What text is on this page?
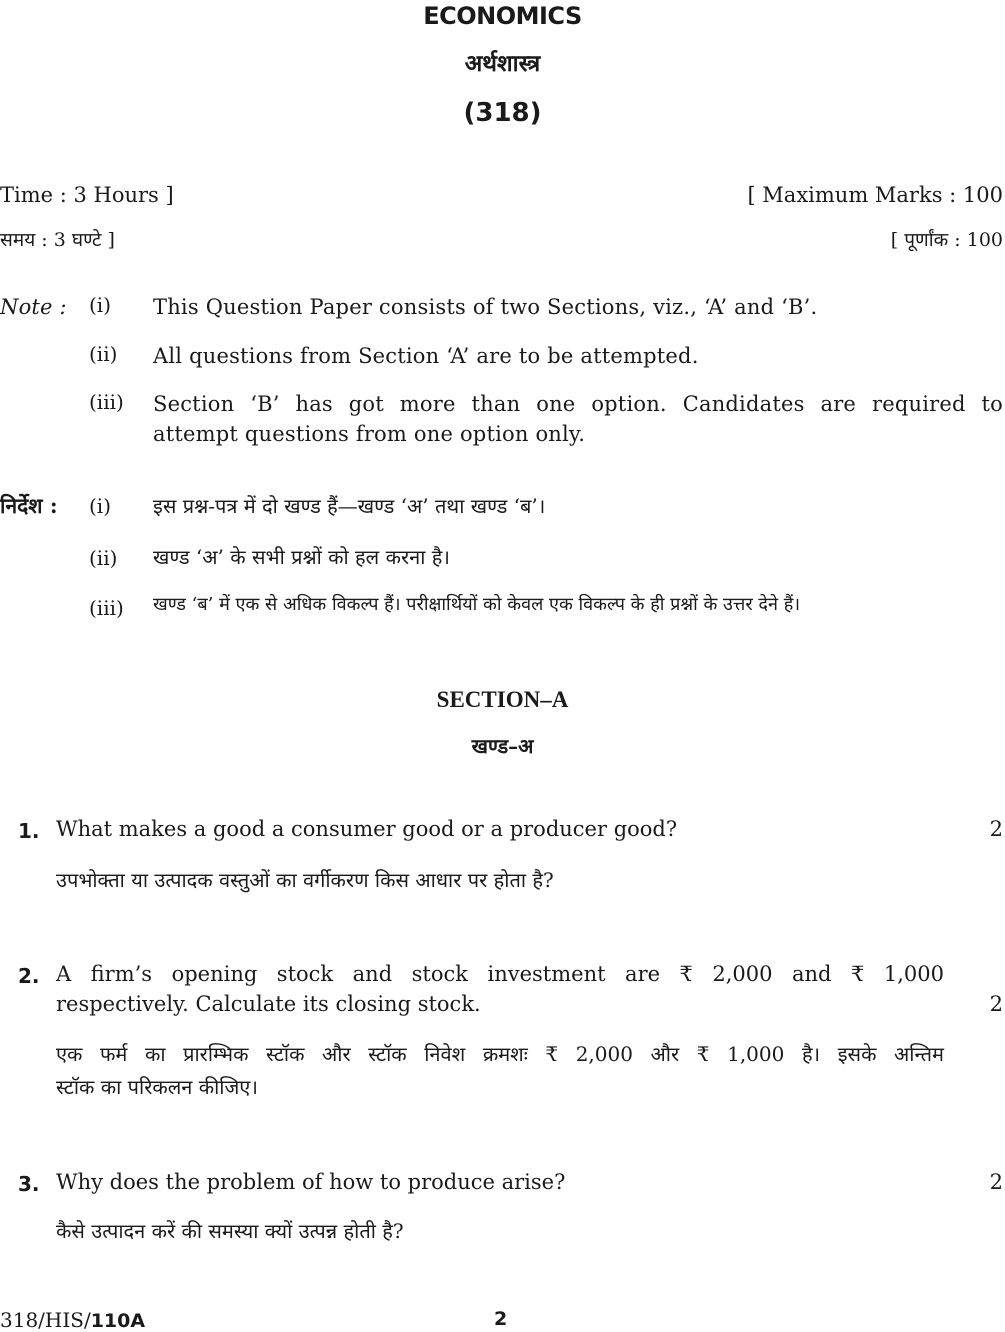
ECONOMICS
अर्थशास्त्र
(318)
Time : 3 Hours ]	[ Maximum Marks : 100
समय : 3 घण्टे ]	[ पूर्णांक : 100
Note : (i) This Question Paper consists of two Sections, viz., ‘A’ and ‘B’.
(ii) All questions from Section ‘A’ are to be attempted.
(iii) Section ‘B’ has got more than one option. Candidates are required to
attempt questions from one option only.
निर्देश : (i) इस प्रश्न-पत्र में दो खण्ड हैं—खण्ड ‘अ’ तथा खण्ड ‘ब’।
(ii) खण्ड ‘अ’ के सभी प्रश्नों को हल करना है।
(iii) खण्ड ‘ब’ में एक से अधिक विकल्प हैं। परीक्षार्थियों को केवल एक विकल्प के ही प्रश्नों के उत्तर देने हैं।
SECTION–A
खण्ड–अ
1. What makes a good a consumer good or a producer good?	2
उपभोक्ता या उत्पादक वस्तुओं का वर्गीकरण किस आधार पर होता है?
2. A firm’s opening stock and stock investment are ₹ 2,000 and ₹ 1,000
respectively. Calculate its closing stock.	2
एक फर्म का प्रारम्भिक स्टॉक और स्टॉक निवेश क्रमशः ₹ 2,000 और ₹ 1,000 है। इसके अन्तिम
स्टॉक का परिकलन कीजिए।
3. Why does the problem of how to produce arise?	2
कैसे उत्पादन करें की समस्या क्यों उत्पन्न होती है?
318/HIS/110A	2
